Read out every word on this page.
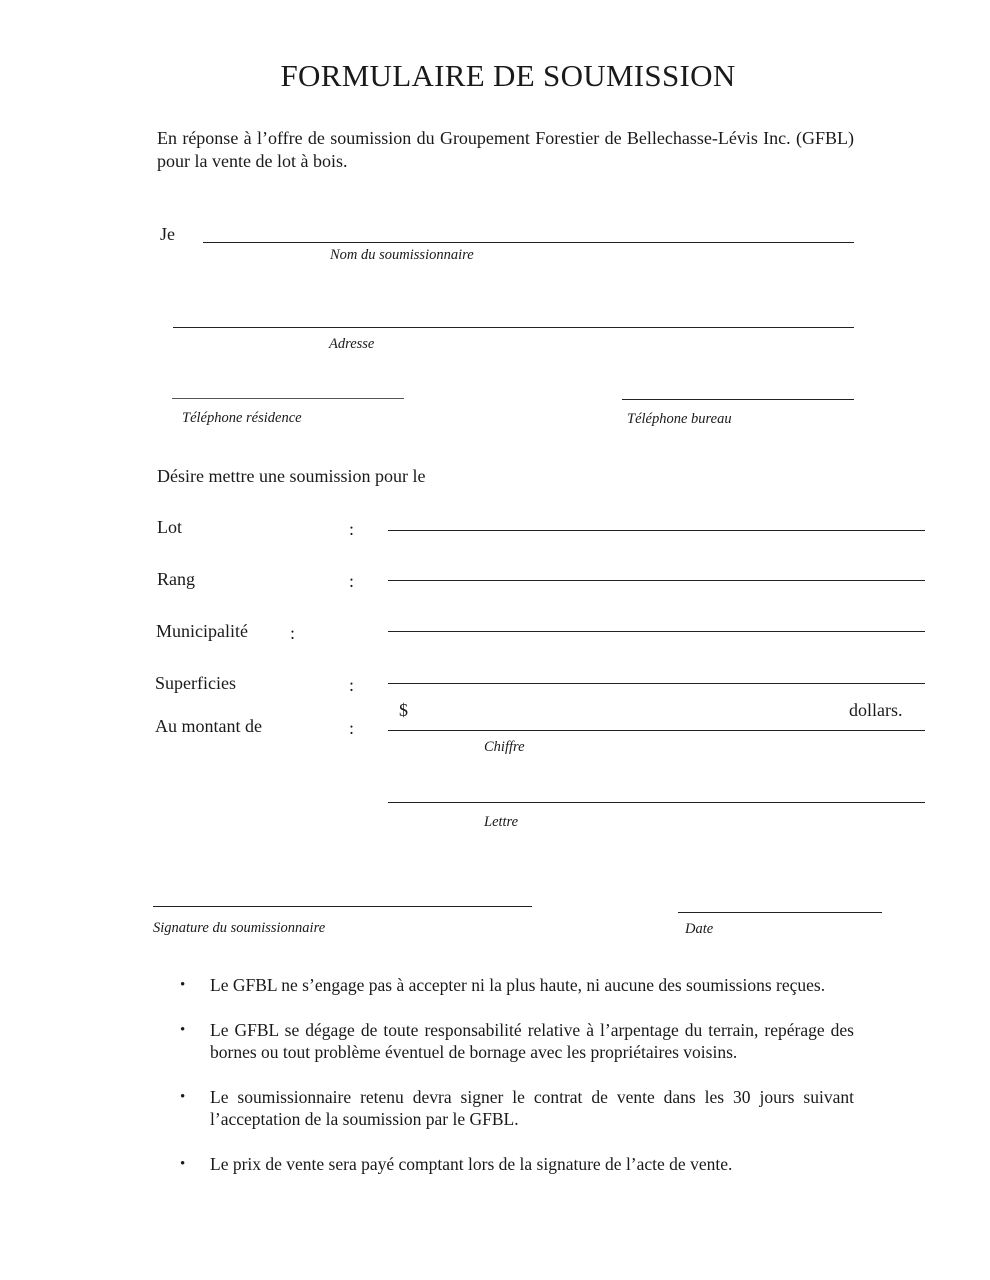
FORMULAIRE DE SOUMISSION
En réponse à l’offre de soumission du Groupement Forestier de Bellechasse-Lévis Inc. (GFBL) pour la vente de lot à bois.
Je
Nom du soumissionnaire
Adresse
Téléphone résidence	Téléphone bureau
Désire mettre une soumission pour le
Lot	:
Rang	:
Municipalité :
Superficies	:
Au montant de	:
$	dollars.
Chiffre
Lettre
Signature du soumissionnaire	Date
• Le GFBL ne s’engage pas à accepter ni la plus haute, ni aucune des soumissions reçues.
• Le GFBL se dégage de toute responsabilité relative à l’arpentage du terrain, repérage des bornes ou tout problème éventuel de bornage avec les propriétaires voisins.
• Le soumissionnaire retenu devra signer le contrat de vente dans les 30 jours suivant l’acceptation de la soumission par le GFBL.
• Le prix de vente sera payé comptant lors de la signature de l’acte de vente.
